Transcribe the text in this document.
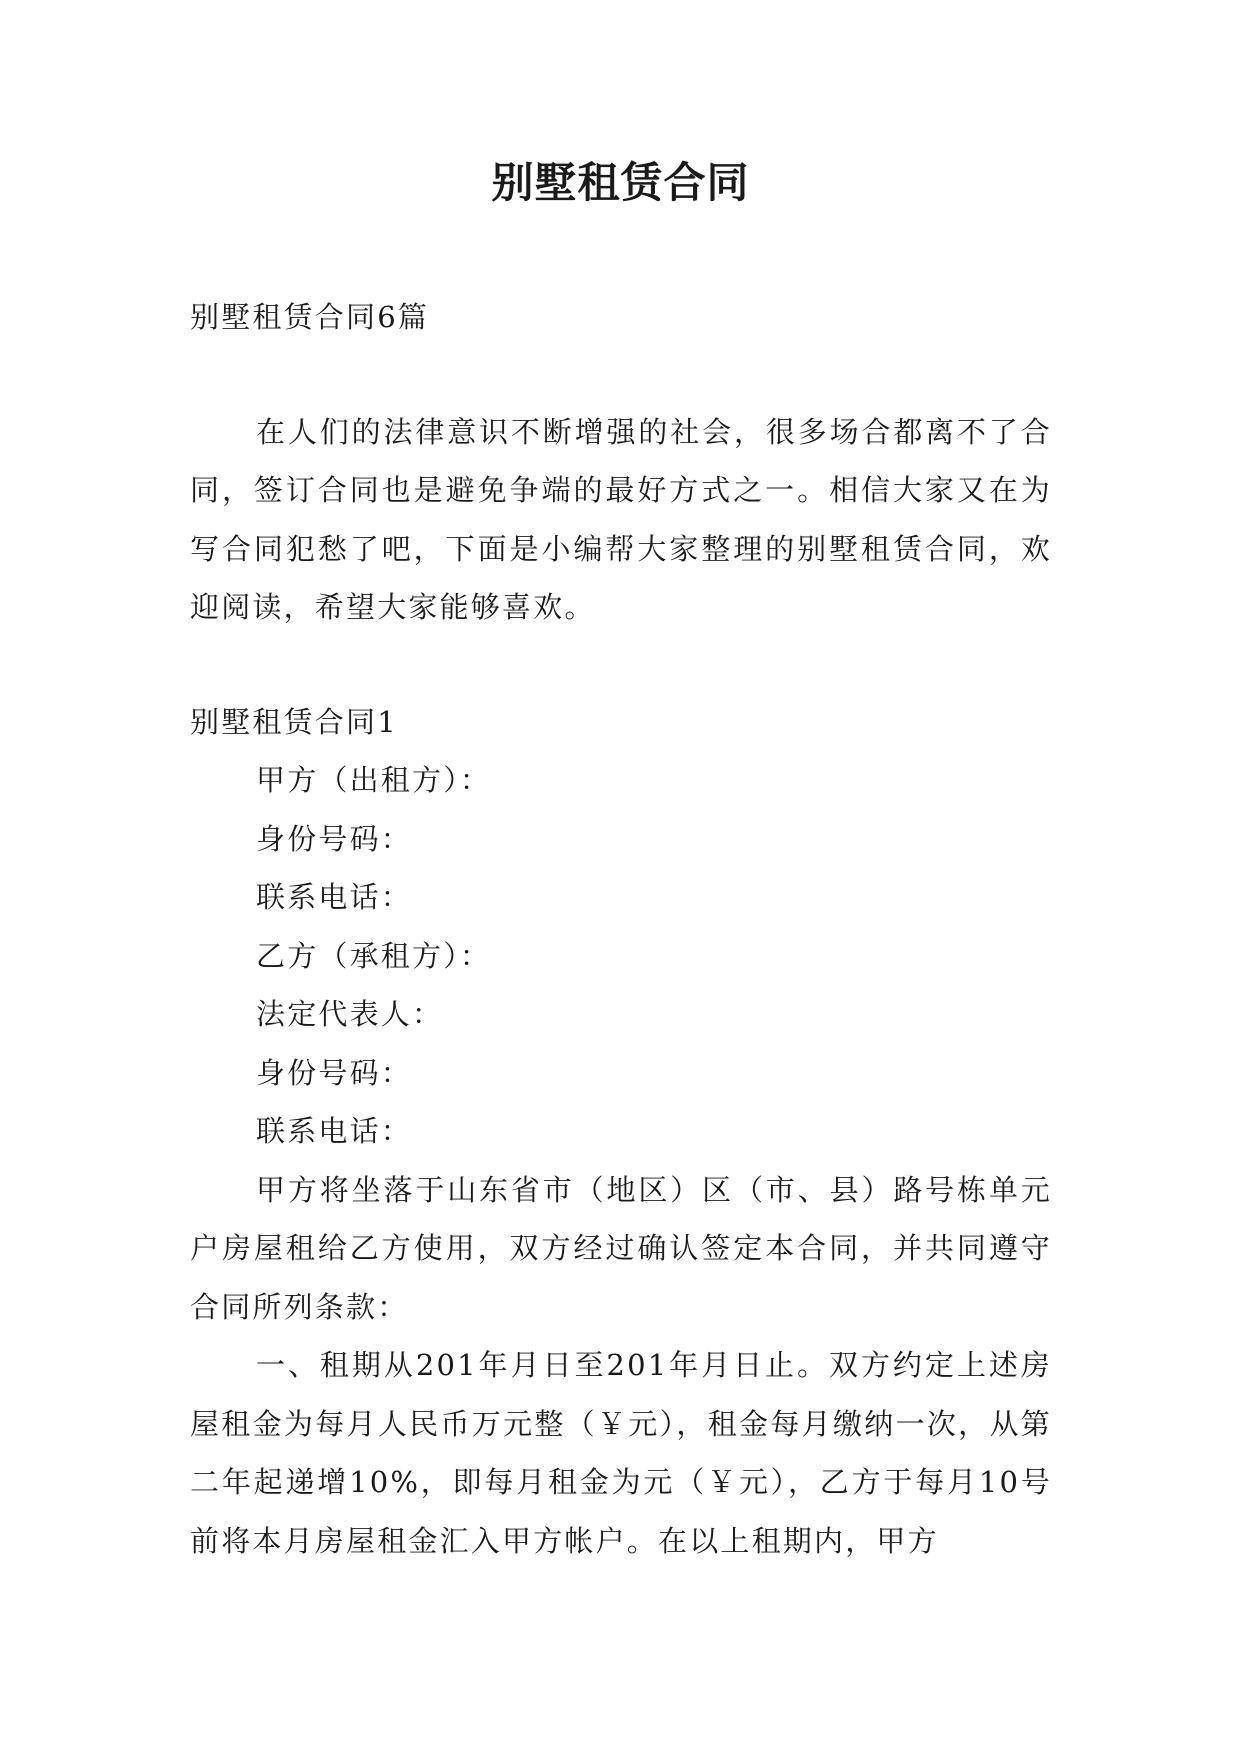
别墅租赁合同

别墅租赁合同6篇

在人们的法律意识不断增强的社会，很多场合都离不了合同，签订合同也是避免争端的最好方式之一。相信大家又在为写合同犯愁了吧，下面是小编帮大家整理的别墅租赁合同，欢迎阅读，希望大家能够喜欢。

别墅租赁合同1

甲方（出租方）：

身份号码：

联系电话：

乙方（承租方）：

法定代表人：

身份号码：

联系电话：

甲方将坐落于山东省市（地区）区（市、县）路号栋单元户房屋租给乙方使用，双方经过确认签定本合同，并共同遵守合同所列条款：

一、租期从201年月日至201年月日止。双方约定上述房屋租金为每月人民币万元整（￥元），租金每月缴纳一次，从第二年起递增10%，即每月租金为元（￥元），乙方于每月10号前将本月房屋租金汇入甲方帐户。在以上租期内，甲方
